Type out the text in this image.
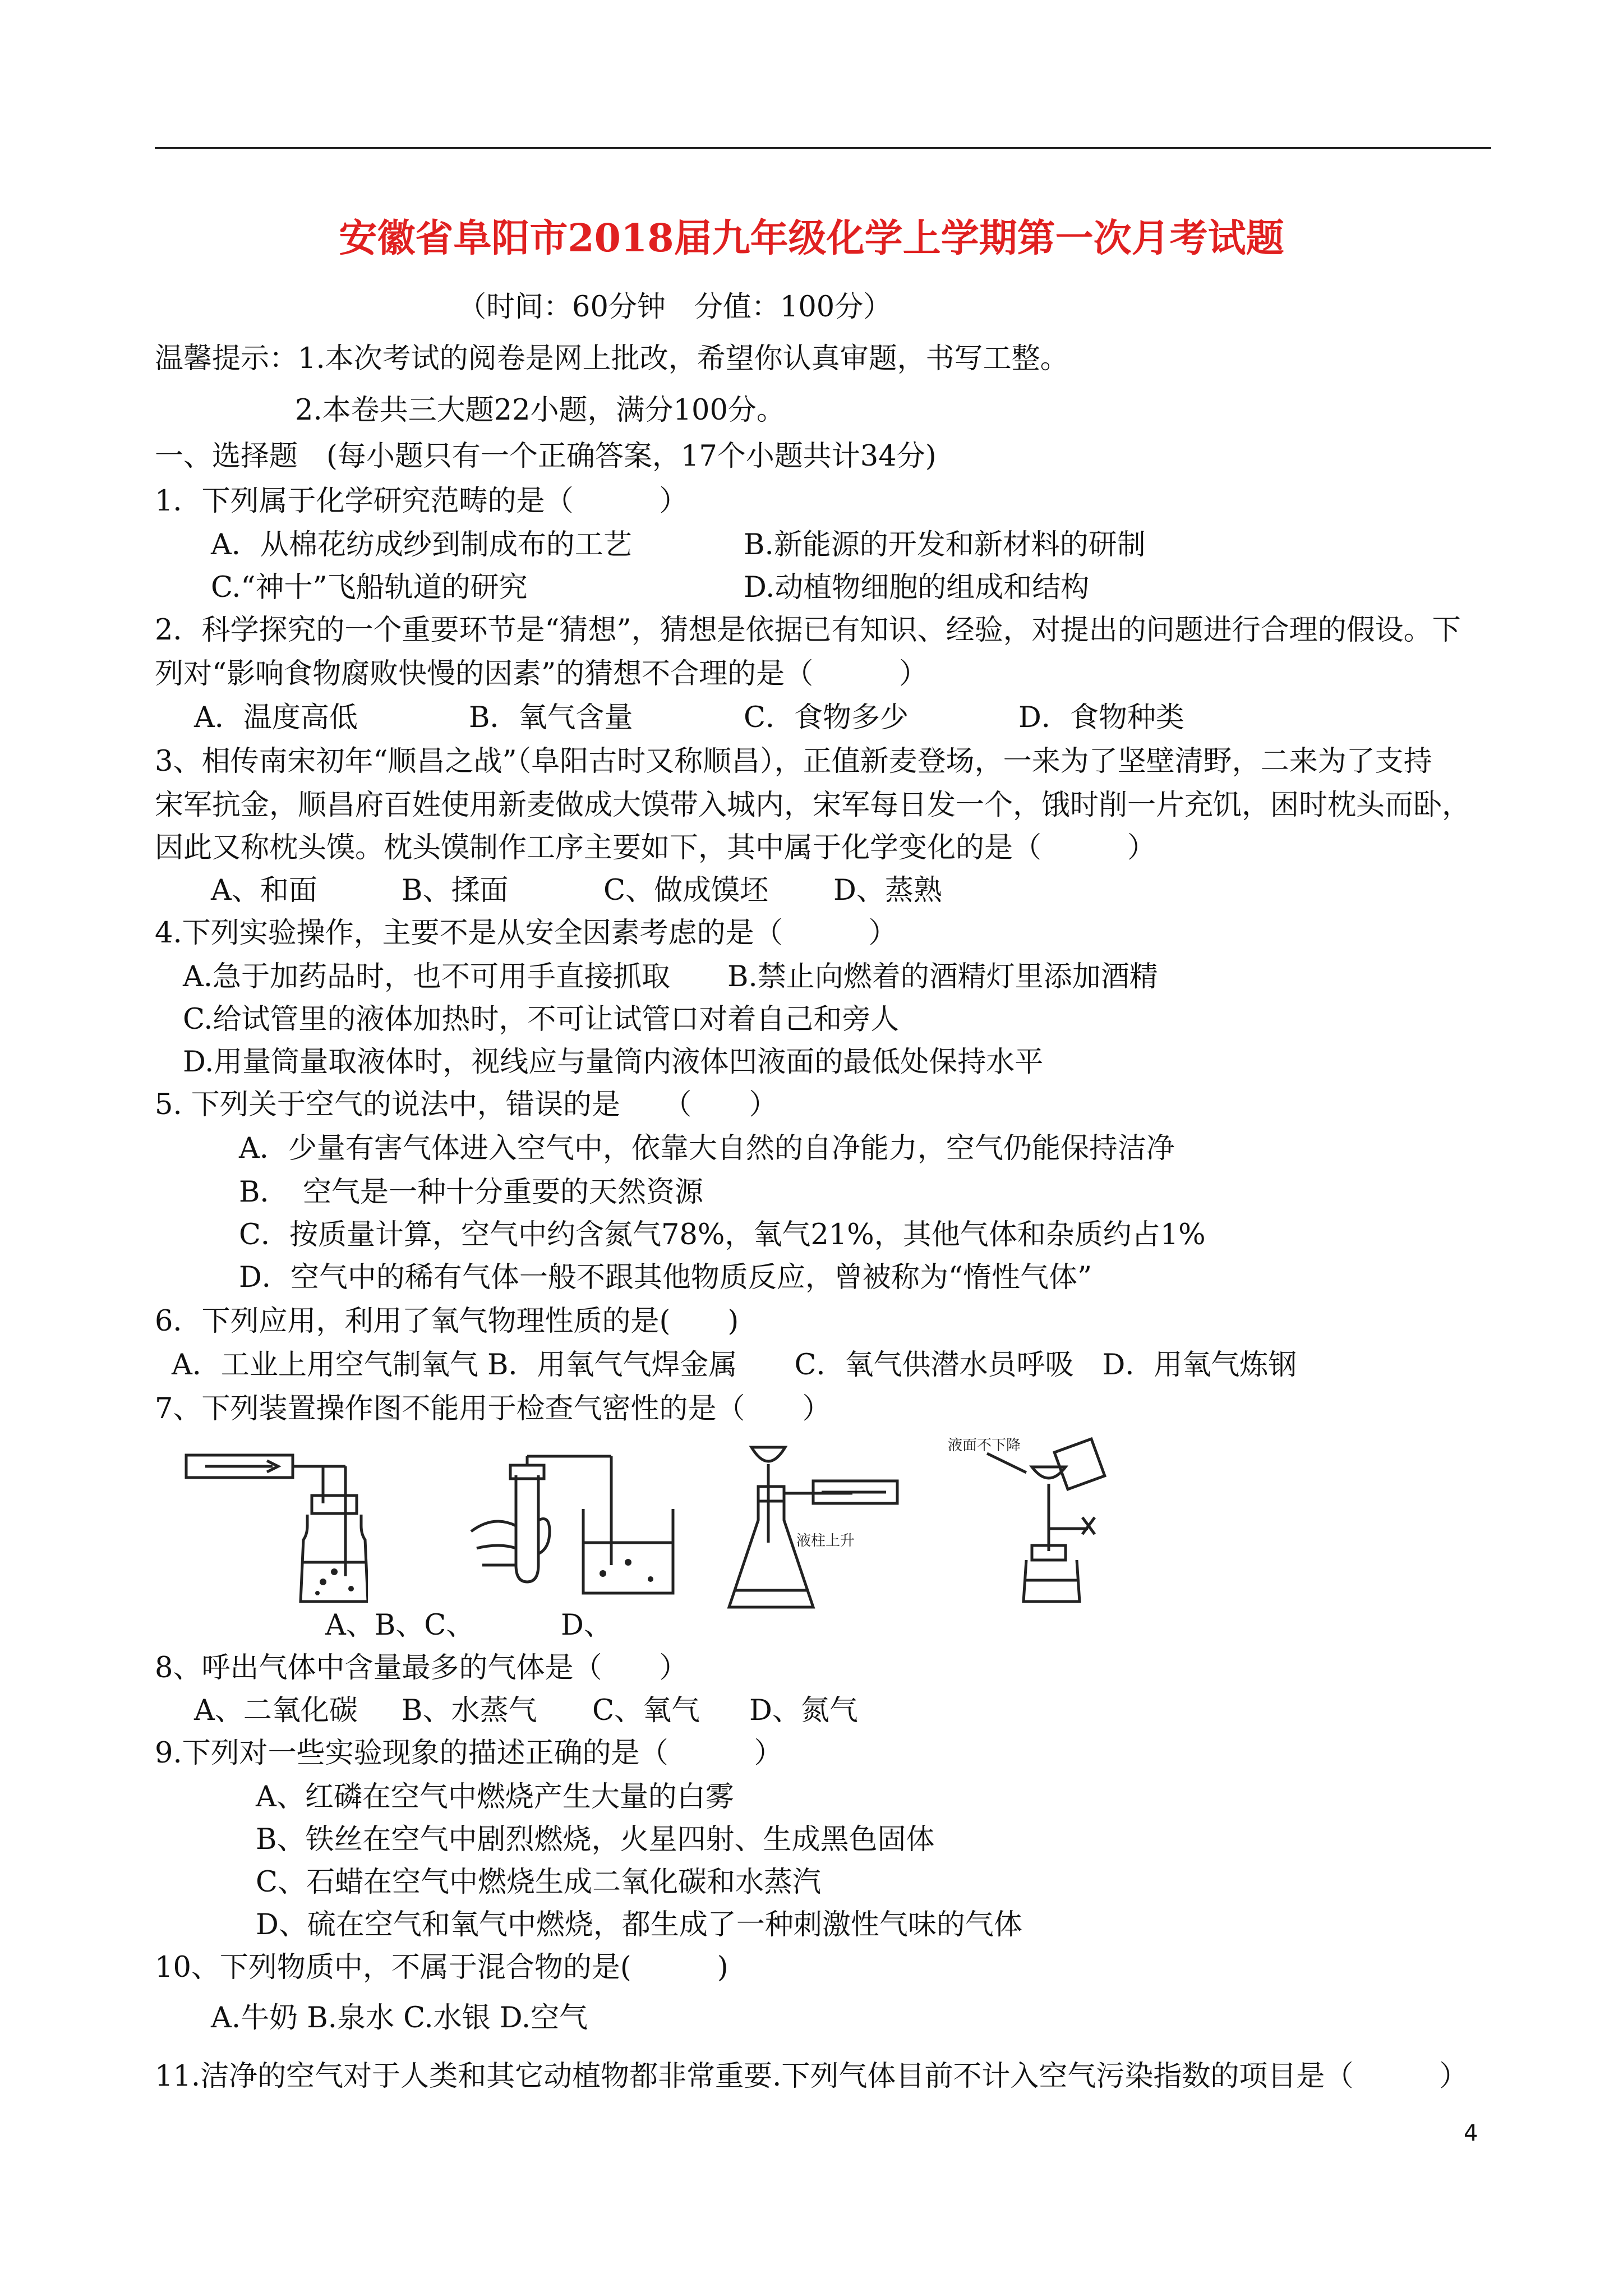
安徽省阜阳市2018届九年级化学上学期第一次月考试题
（时间：60分钟　分值：100分）
温馨提示：1.本次考试的阅卷是网上批改，希望你认真审题，书写工整。
2.本卷共三大题22小题，满分100分。
一、选择题　(每小题只有一个正确答案，17个小题共计34分)
1．下列属于化学研究范畴的是（　　　）
A．从棉花纺成纱到制成布的工艺	B.新能源的开发和新材料的研制
C.“神十”飞船轨道的研究	D.动植物细胞的组成和结构
2．科学探究的一个重要环节是“猜想”，猜想是依据已有知识、经验，对提出的问题进行合理的假设。下
列对“影响食物腐败快慢的因素”的猜想不合理的是（　　　）
A．温度高低	B．氧气含量	C．食物多少	D．食物种类
3、相传南宋初年“顺昌之战”（阜阳古时又称顺昌），正值新麦登场，一来为了坚壁清野，二来为了支持
宋军抗金，顺昌府百姓使用新麦做成大馍带入城内，宋军每日发一个，饿时削一片充饥，困时枕头而卧，
因此又称枕头馍。枕头馍制作工序主要如下，其中属于化学变化的是（　　　）
A、和面	B、揉面	C、做成馍坯 D、蒸熟
4.下列实验操作，主要不是从安全因素考虑的是（　　　）
A.急于加药品时，也不可用手直接抓取　　B.禁止向燃着的酒精灯里添加酒精
C.给试管里的液体加热时，不可让试管口对着自己和旁人
D.用量筒量取液体时，视线应与量筒内液体凹液面的最低处保持水平
5. 下列关于空气的说法中，错误的是　　（　　）
A．少量有害气体进入空气中，依靠大自然的自净能力，空气仍能保持洁净
B．　空气是一种十分重要的天然资源
C．按质量计算，空气中约含氮气78%，氧气21%，其他气体和杂质约占1%
D．空气中的稀有气体一般不跟其他物质反应，曾被称为“惰性气体”
6．下列应用，利用了氧气物理性质的是(　　)
A．工业上用空气制氧气 B．用氧气气焊金属　　C．氧气供潜水员呼吸　D．用氧气炼钢
7、下列装置操作图不能用于检查气密性的是（　　）
液柱上升
液面不下降
A、B、C、	D、
8、呼出气体中含量最多的气体是（　　）
A、二氧化碳 B、水蒸气 C、氧气 D、氮气
9.下列对一些实验现象的描述正确的是（　　　）
A、红磷在空气中燃烧产生大量的白雾
B、铁丝在空气中剧烈燃烧，火星四射、生成黑色固体
C、石蜡在空气中燃烧生成二氧化碳和水蒸汽
D、硫在空气和氧气中燃烧，都生成了一种刺激性气味的气体
10、下列物质中，不属于混合物的是(　　　)
A.牛奶 B.泉水 C.水银 D.空气
11.洁净的空气对于人类和其它动植物都非常重要.下列气体目前不计入空气污染指数的项目是（　　　）
4
